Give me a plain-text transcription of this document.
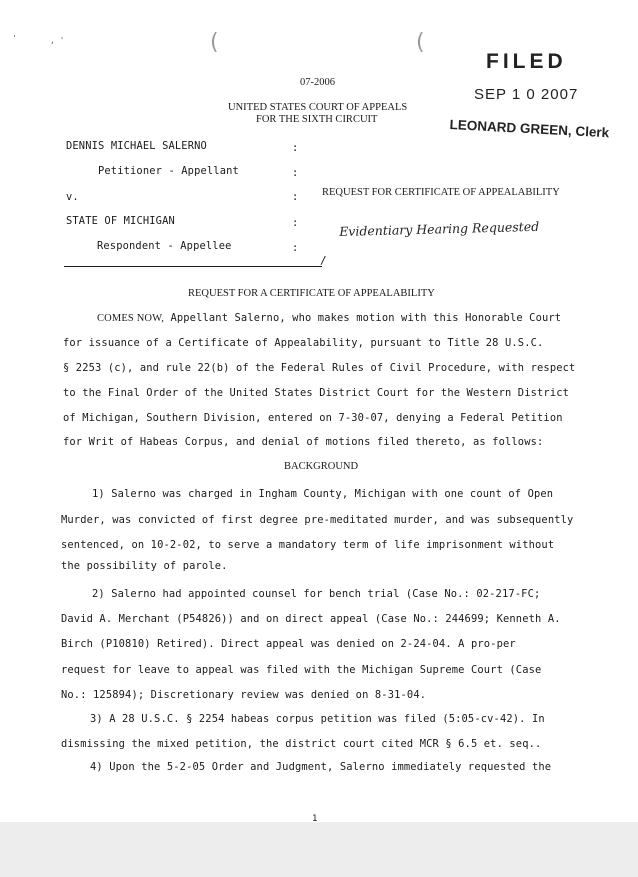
'	, '	(	(
FILED
SEP 1 0 2007
LEONARD GREEN, Clerk
07-2006
UNITED STATES COURT OF APPEALS
FOR THE SIXTH CIRCUIT
DENNIS MICHAEL SALERNO	:
Petitioner - Appellant	:
v.	: REQUEST FOR CERTIFICATE OF APPEALABILITY
STATE OF MICHIGAN	:	Evidentiary Hearing Requested
Respondent - Appellee	:
/
REQUEST FOR A CERTIFICATE OF APPEALABILITY
COMES NOW, Appellant Salerno, who makes motion with this Honorable Court
for issuance of a Certificate of Appealability, pursuant to Title 28 U.S.C.
§ 2253 (c), and rule 22(b) of the Federal Rules of Civil Procedure, with respect
to the Final Order of the United States District Court for the Western District
of Michigan, Southern Division, entered on 7-30-07, denying a Federal Petition
for Writ of Habeas Corpus, and denial of motions filed thereto, as follows:
BACKGROUND
1) Salerno was charged in Ingham County, Michigan with one count of Open
Murder, was convicted of first degree pre-meditated murder, and was subsequently
sentenced, on 10-2-02, to serve a mandatory term of life imprisonment without
the possibility of parole.
2) Salerno had appointed counsel for bench trial (Case No.: 02-217-FC;
David A. Merchant (P54826)) and on direct appeal (Case No.: 244699; Kenneth A.
Birch (P10810) Retired). Direct appeal was denied on 2-24-04. A pro-per
request for leave to appeal was filed with the Michigan Supreme Court (Case
No.: 125894); Discretionary review was denied on 8-31-04.
3) A 28 U.S.C. § 2254 habeas corpus petition was filed (5:05-cv-42). In
dismissing the mixed petition, the district court cited MCR § 6.5 et. seq..
4) Upon the 5-2-05 Order and Judgment, Salerno immediately requested the
1
